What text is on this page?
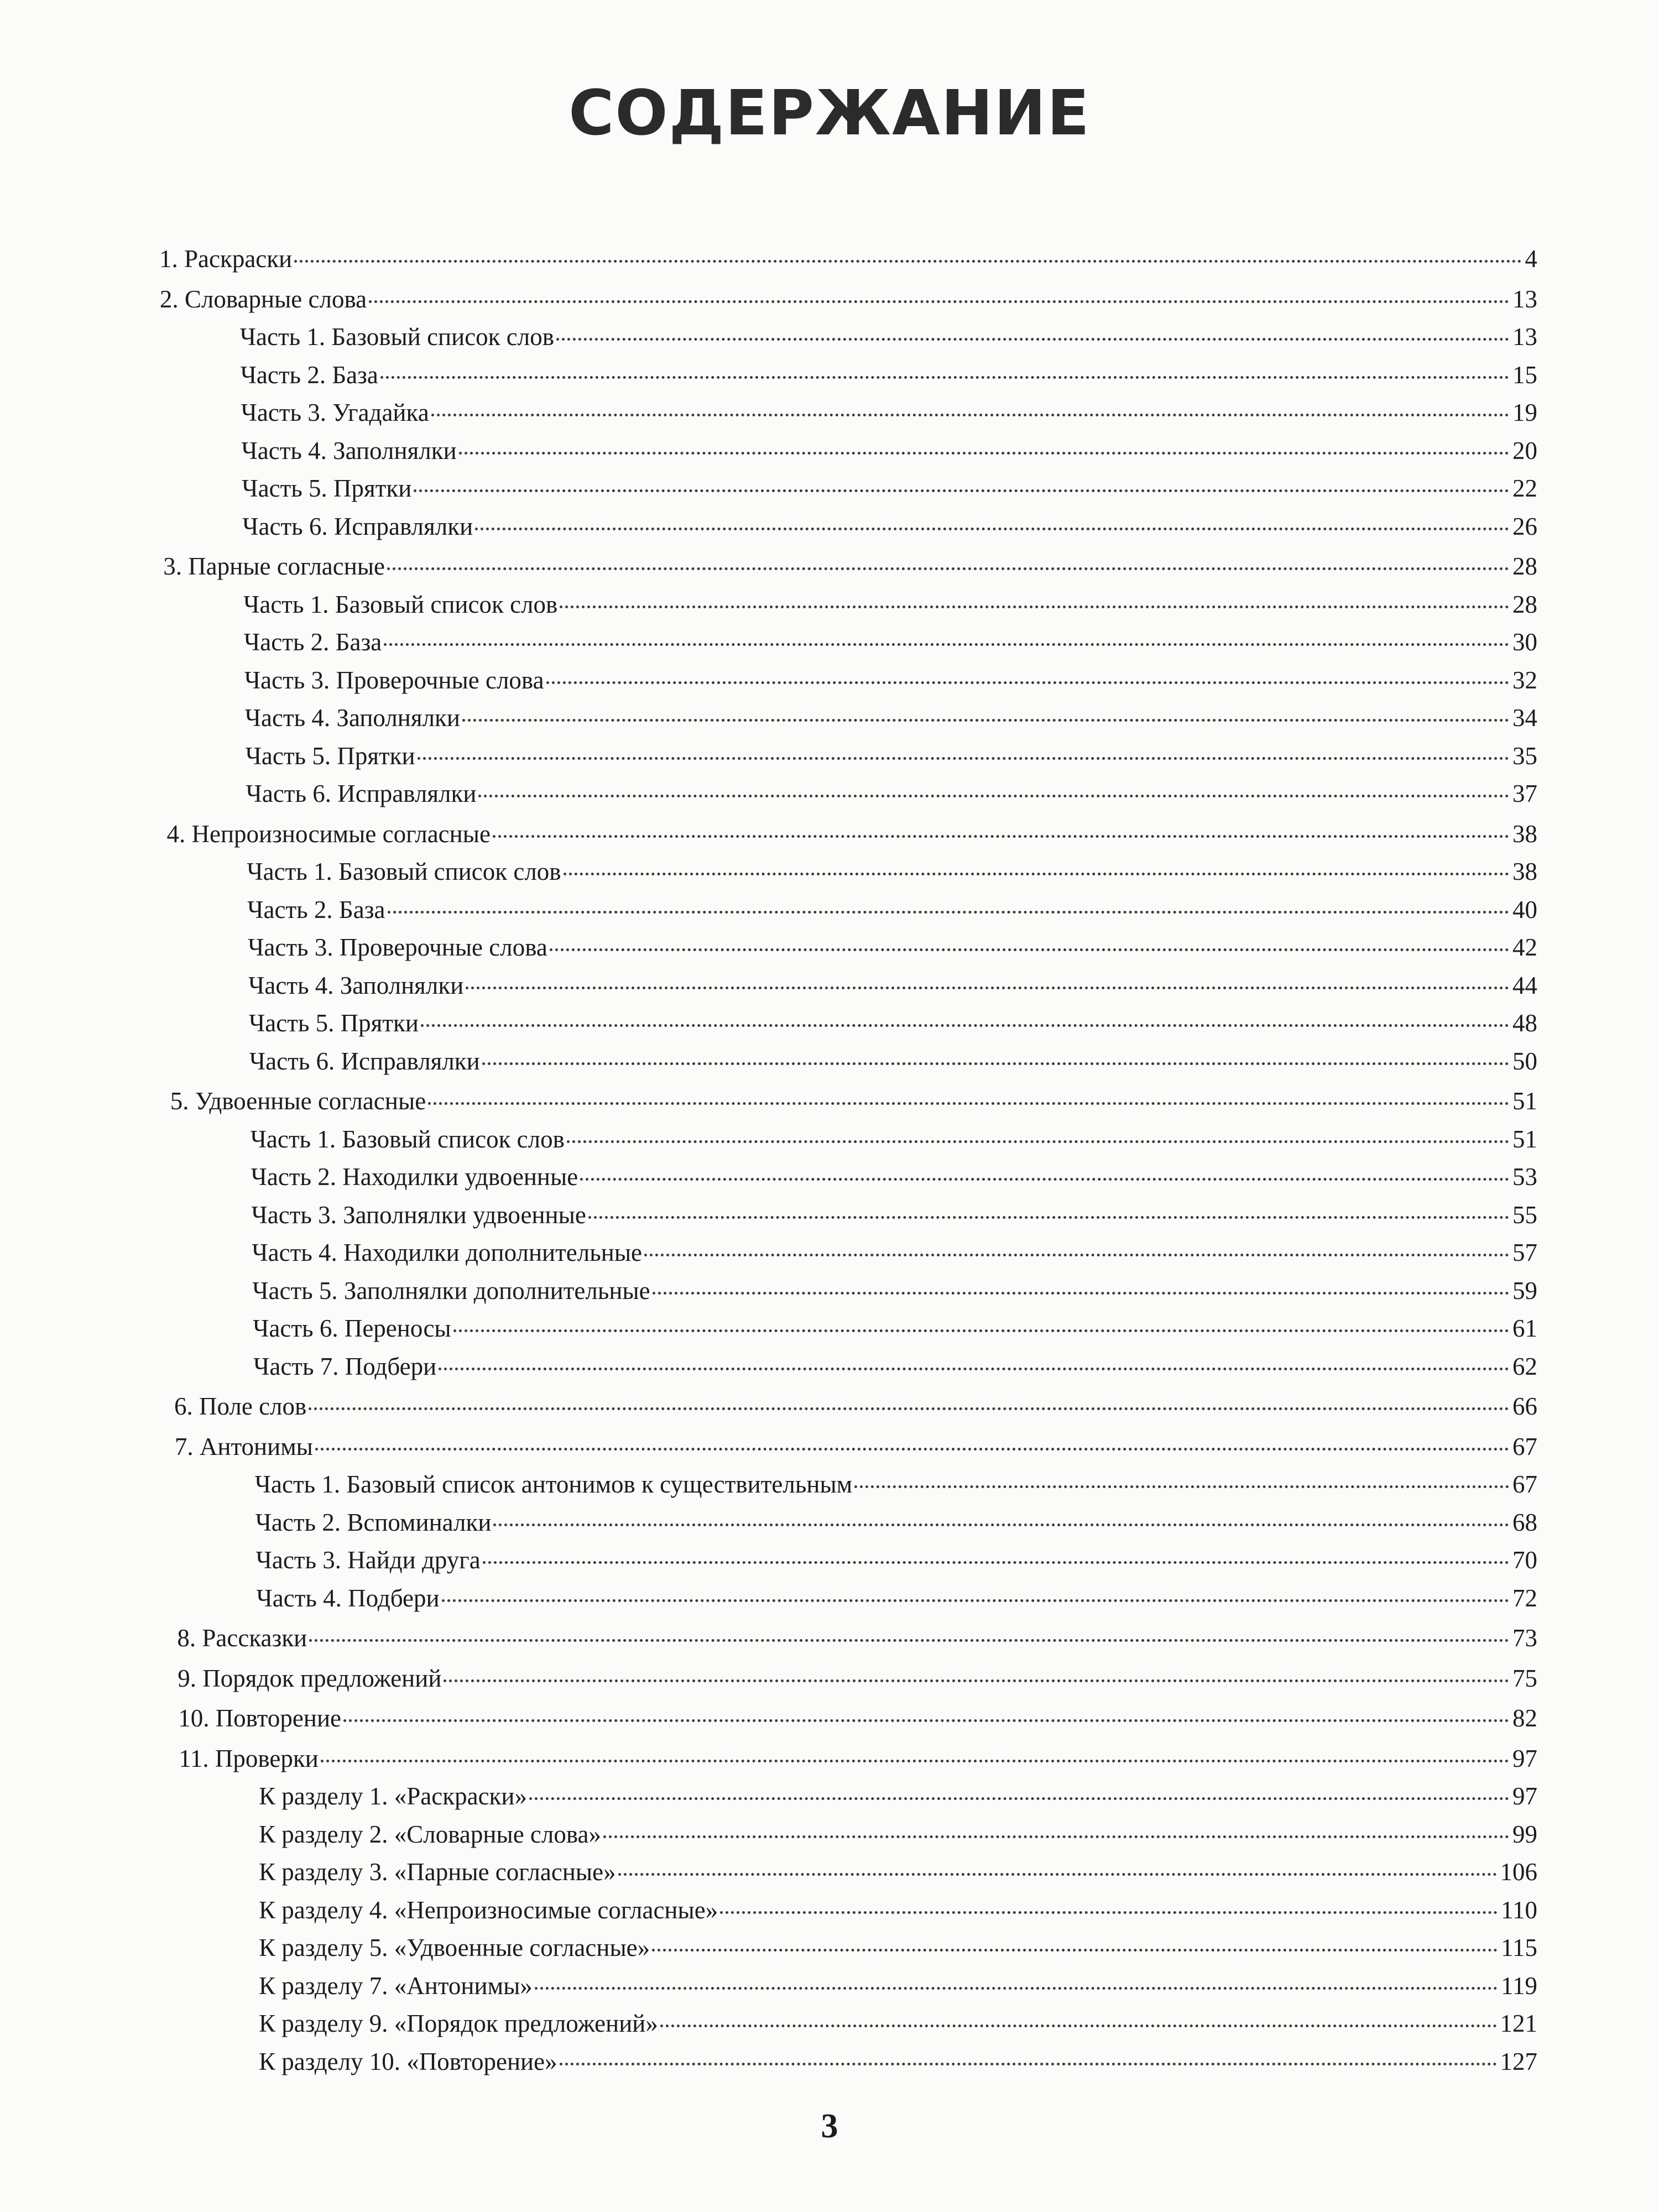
СОДЕРЖАНИЕ
1. Раскраски	4
2. Словарные слова	13
Часть 1. Базовый список слов	13
Часть 2. База	15
Часть 3. Угадайка	19
Часть 4. Заполнялки	20
Часть 5. Прятки	22
Часть 6. Исправлялки	26
3. Парные согласные	28
Часть 1. Базовый список слов	28
Часть 2. База	30
Часть 3. Проверочные слова	32
Часть 4. Заполнялки	34
Часть 5. Прятки	35
Часть 6. Исправлялки	37
4. Непроизносимые согласные	38
Часть 1. Базовый список слов	38
Часть 2. База	40
Часть 3. Проверочные слова	42
Часть 4. Заполнялки	44
Часть 5. Прятки	48
Часть 6. Исправлялки	50
5. Удвоенные согласные	51
Часть 1. Базовый список слов	51
Часть 2. Находилки удвоенные	53
Часть 3. Заполнялки удвоенные	55
Часть 4. Находилки дополнительные	57
Часть 5. Заполнялки дополнительные	59
Часть 6. Переносы	61
Часть 7. Подбери	62
6. Поле слов	66
7. Антонимы	67
Часть 1. Базовый список антонимов к существительным	67
Часть 2. Вспоминалки	68
Часть 3. Найди друга	70
Часть 4. Подбери	72
8. Рассказки	73
9. Порядок предложений	75
10. Повторение	82
11. Проверки	97
К разделу 1. «Раскраски»	97
К разделу 2. «Словарные слова»	99
К разделу 3. «Парные согласные»	106
К разделу 4. «Непроизносимые согласные»	110
К разделу 5. «Удвоенные согласные»	115
К разделу 7. «Антонимы»	119
К разделу 9. «Порядок предложений»	121
К разделу 10. «Повторение»	127
3
